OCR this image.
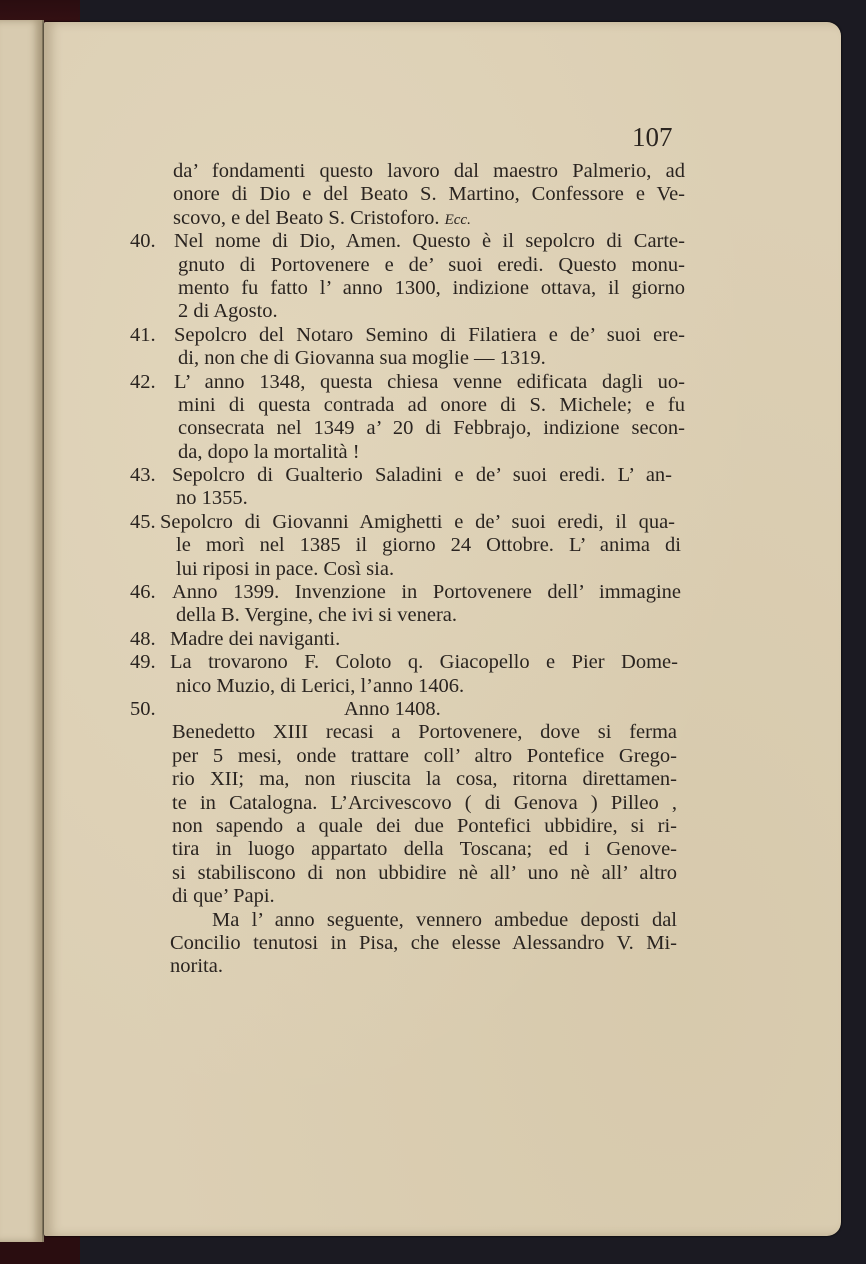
107
da’ fondamenti questo lavoro dal maestro Palmerio, ad
onore di Dio e del Beato S. Martino, Confessore e Ve-
scovo, e del Beato S. Cristoforo. Ecc.
40. Nel nome di Dio, Amen. Questo è il sepolcro di Carte-
gnuto di Portovenere e de’ suoi eredi. Questo monu-
mento fu fatto l’ anno 1300, indizione ottava, il giorno
2 di Agosto.
41. Sepolcro del Notaro Semino di Filatiera e de’ suoi ere-
di, non che di Giovanna sua moglie — 1319.
42. L’ anno 1348, questa chiesa venne edificata dagli uo-
mini di questa contrada ad onore di S. Michele; e fu
consecrata nel 1349 a’ 20 di Febbrajo, indizione secon-
da, dopo la mortalità !
43. Sepolcro di Gualterio Saladini e de’ suoi eredi. L’ an-
no 1355.
45. Sepolcro di Giovanni Amighetti e de’ suoi eredi, il qua-
le morì nel 1385 il giorno 24 Ottobre. L’ anima di
lui riposi in pace. Così sia.
46. Anno 1399. Invenzione in Portovenere dell’ immagine
della B. Vergine, che ivi si venera.
48. Madre dei naviganti.
49. La trovarono F. Coloto q. Giacopello e Pier Dome-
nico Muzio, di Lerici, l’anno 1406.
50.	Anno 1408.
Benedetto XIII recasi a Portovenere, dove si ferma
per 5 mesi, onde trattare coll’ altro Pontefice Grego-
rio XII; ma, non riuscita la cosa, ritorna direttamen-
te in Catalogna. L’Arcivescovo ( di Genova ) Pilleo ,
non sapendo a quale dei due Pontefici ubbidire, si ri-
tira in luogo appartato della Toscana; ed i Genove-
si stabiliscono di non ubbidire nè all’ uno nè all’ altro
di que’ Papi.
Ma l’ anno seguente, vennero ambedue deposti dal
Concilio tenutosi in Pisa, che elesse Alessandro V. Mi-
norita.
